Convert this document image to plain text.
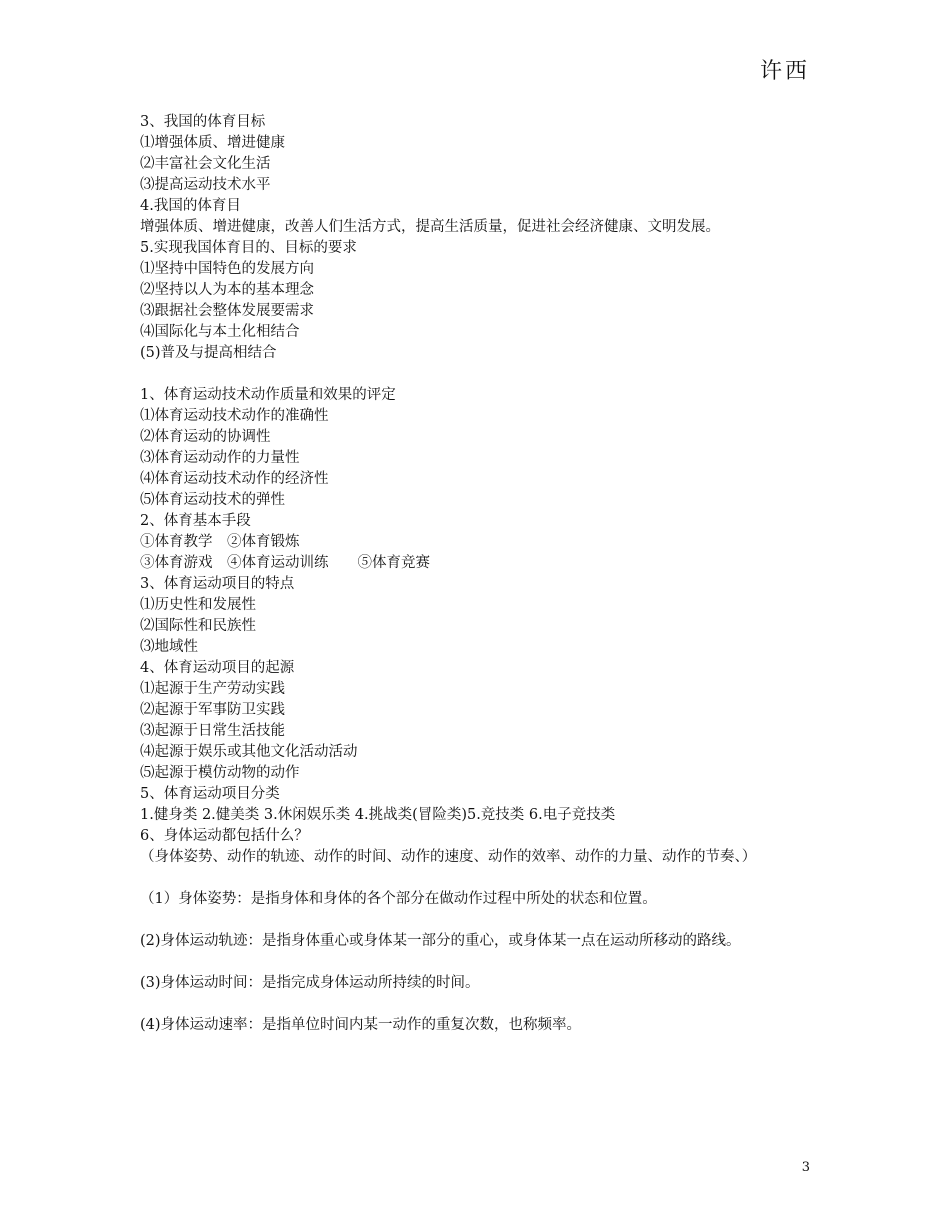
许西
3、我国的体育目标
⑴增强体质、增进健康
⑵丰富社会文化生活
⑶提高运动技术水平
4.我国的体育目
增强体质、增进健康，改善人们生活方式，提高生活质量，促进社会经济健康、文明发展。
5.实现我国体育目的、目标的要求
⑴坚持中国特色的发展方向
⑵坚持以人为本的基本理念
⑶跟据社会整体发展要需求
⑷国际化与本土化相结合
(5)普及与提高相结合
1、体育运动技术动作质量和效果的评定
⑴体育运动技术动作的准确性
⑵体育运动的协调性
⑶体育运动动作的力量性
⑷体育运动技术动作的经济性
⑸体育运动技术的弹性
2、体育基本手段
①体育教学　②体育锻炼
③体育游戏　④体育运动训练　　⑤体育竞赛
3、体育运动项目的特点
⑴历史性和发展性
⑵国际性和民族性
⑶地域性
4、体育运动项目的起源
⑴起源于生产劳动实践
⑵起源于军事防卫实践
⑶起源于日常生活技能
⑷起源于娱乐或其他文化活动活动
⑸起源于模仿动物的动作
5、体育运动项目分类
1.健身类 2.健美类 3.休闲娱乐类 4.挑战类(冒险类)5.竞技类 6.电子竞技类
6、身体运动都包括什么？
（身体姿势、动作的轨迹、动作的时间、动作的速度、动作的效率、动作的力量、动作的节奏、）
（1）身体姿势：是指身体和身体的各个部分在做动作过程中所处的状态和位置。
(2)身体运动轨迹：是指身体重心或身体某一部分的重心，或身体某一点在运动所移动的路线。
(3)身体运动时间：是指完成身体运动所持续的时间。
(4)身体运动速率：是指单位时间内某一动作的重复次数，也称频率。
3
